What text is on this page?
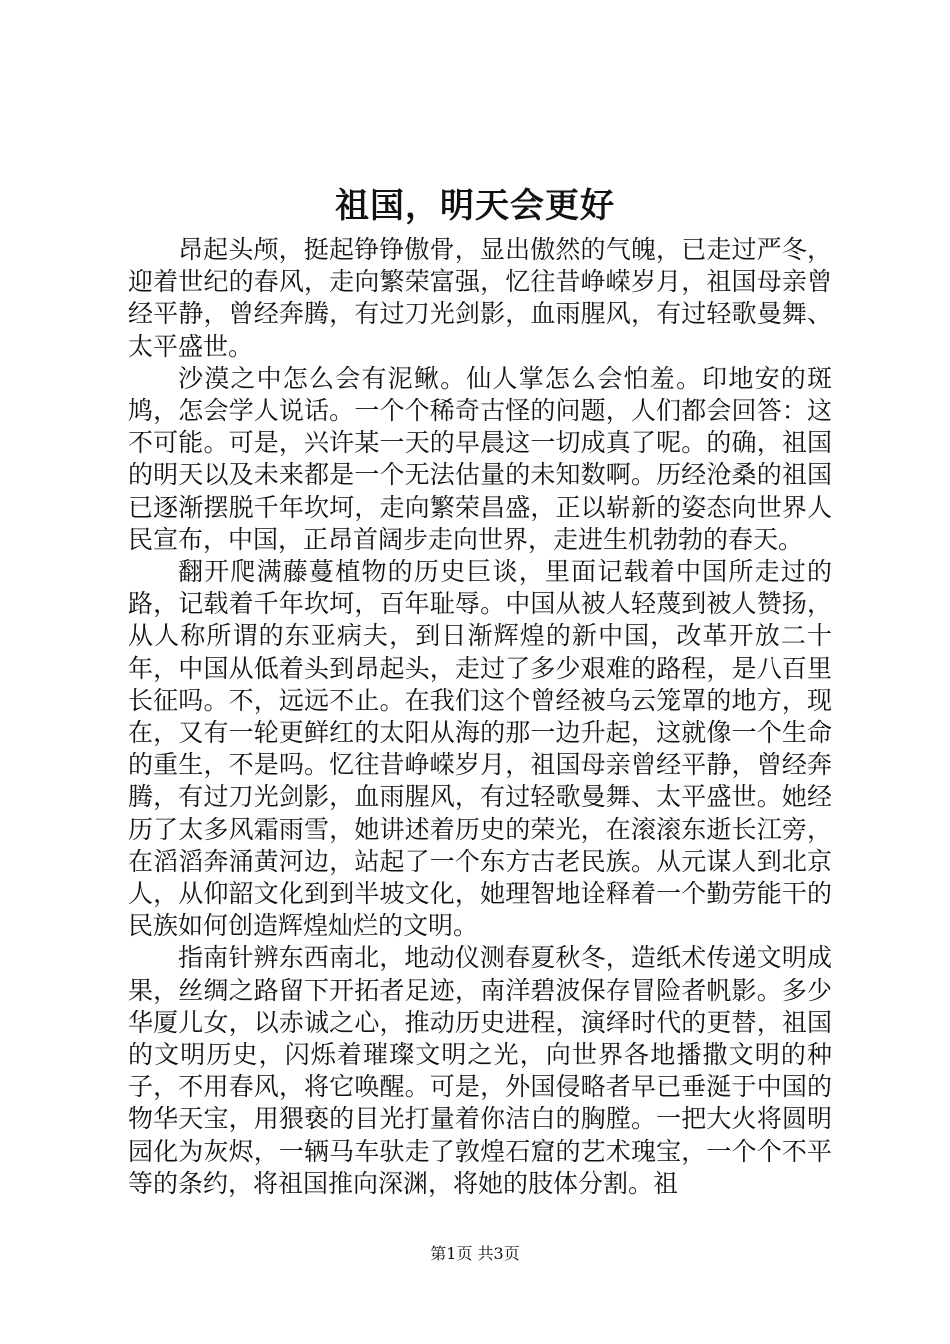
祖国，明天会更好

昂起头颅，挺起铮铮傲骨，显出傲然的气魄，已走过严冬，迎着世纪的春风，走向繁荣富强，忆往昔峥嵘岁月，祖国母亲曾经平静，曾经奔腾，有过刀光剑影，血雨腥风，有过轻歌曼舞、太平盛世。

沙漠之中怎么会有泥鳅。仙人掌怎么会怕羞。印地安的斑鸠，怎会学人说话。一个个稀奇古怪的问题，人们都会回答：这不可能。可是，兴许某一天的早晨这一切成真了呢。的确，祖国的明天以及未来都是一个无法估量的未知数啊。历经沧桑的祖国已逐渐摆脱千年坎坷，走向繁荣昌盛，正以崭新的姿态向世界人民宣布，中国，正昂首阔步走向世界，走进生机勃勃的春天。

翻开爬满藤蔓植物的历史巨谈，里面记载着中国所走过的路，记载着千年坎坷，百年耻辱。中国从被人轻蔑到被人赞扬，从人称所谓的东亚病夫，到日渐辉煌的新中国，改革开放二十年，中国从低着头到昂起头，走过了多少艰难的路程，是八百里长征吗。不，远远不止。在我们这个曾经被乌云笼罩的地方，现在，又有一轮更鲜红的太阳从海的那一边升起，这就像一个生命的重生，不是吗。忆往昔峥嵘岁月，祖国母亲曾经平静，曾经奔腾，有过刀光剑影，血雨腥风，有过轻歌曼舞、太平盛世。她经历了太多风霜雨雪，她讲述着历史的荣光，在滚滚东逝长江旁，在滔滔奔涌黄河边，站起了一个东方古老民族。从元谋人到北京人，从仰韶文化到到半坡文化，她理智地诠释着一个勤劳能干的民族如何创造辉煌灿烂的文明。

指南针辨东西南北，地动仪测春夏秋冬，造纸术传递文明成果，丝绸之路留下开拓者足迹，南洋碧波保存冒险者帆影。多少华厦儿女，以赤诚之心，推动历史进程，演绎时代的更替，祖国的文明历史，闪烁着璀璨文明之光，向世界各地播撒文明的种子，不用春风，将它唤醒。可是，外国侵略者早已垂涎于中国的物华天宝，用猥亵的目光打量着你洁白的胸膛。一把大火将圆明园化为灰烬，一辆马车驮走了敦煌石窟的艺术瑰宝，一个个不平等的条约，将祖国推向深渊，将她的肢体分割。祖

第1页 共3页
